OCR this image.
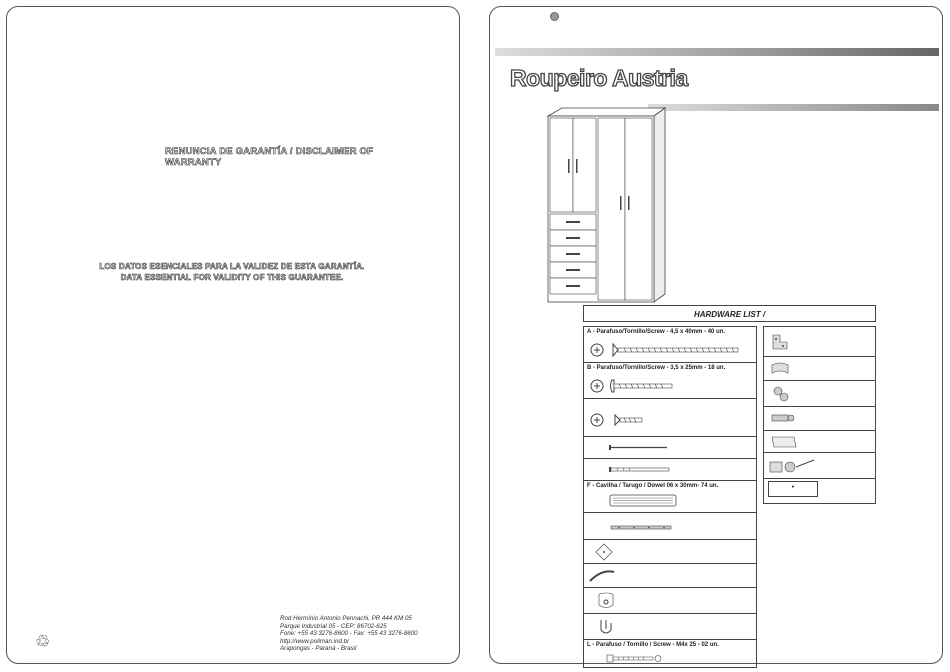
RENUNCIA DE GARANTÍA / DISCLAIMER OF WARRANTY
LOS DATOS ESENCIALES PARA LA VALIDEZ DE ESTA GARANTÍA.
DATA ESSENTIAL FOR VALIDITY OF THIS GUARANTEE.
Rod Hermínio Antonio Pennachi, PR 444 KM 05
Parque Industrial 05 - CEP: 86702-625
Fone: +55 43 3276-8600 - Fax: +55 43 3276-8600
http://www.poliman.ind.br
Arapongas - Paraná - Brasil
♲
Roupeiro Austria
HARDWARE LIST /
A - Parafuso/Tornillo/Screw - 4,5 x 40mm - 40 un.
B - Parafuso/Tornillo/Screw - 3,5 x 25mm - 18 un.
F - Cavilha / Tarugo / Dowel 06 x 30mm- 74 un.
L - Parafuso / Tornillo / Screw - M4x 25 - 02 un.
•
